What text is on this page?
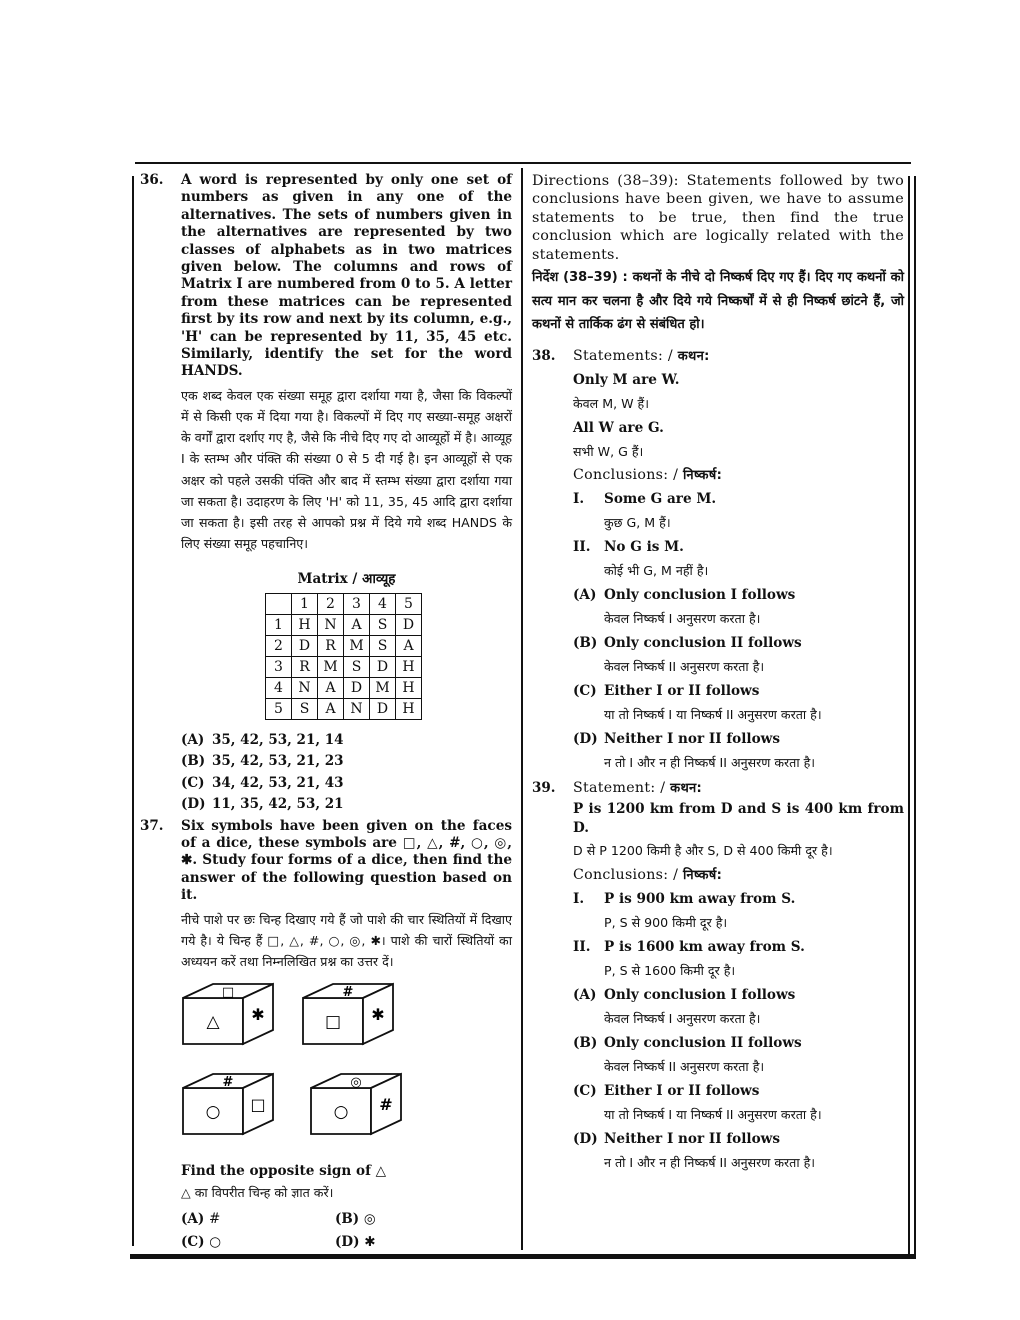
36. A word is represented by only one set of numbers as given in any one of the alternatives. The sets of numbers given in the alternatives are represented by two classes of alphabets as in two matrices given below. The columns and rows of Matrix I are numbered from 0 to 5. A letter from these matrices can be represented first by its row and next by its column, e.g., 'H' can be represented by 11, 35, 45 etc. Similarly, identify the set for the word HANDS.

एक शब्द केवल एक संख्या समूह द्वारा दर्शाया गया है, जैसा कि विकल्पों में से किसी एक में दिया गया है। विकल्पों में दिए गए सख्या-समूह अक्षरों के वर्गों द्वारा दर्शाए गए है, जैसे कि नीचे दिए गए दो आव्यूहों में है। आव्यूह I के स्तम्भ और पंक्ति की संख्या 0 से 5 दी गई है। इन आव्यूहों से एक अक्षर को पहले उसकी पंक्ति और बाद में स्तम्भ संख्या द्वारा दर्शाया गया जा सकता है। उदाहरण के लिए 'H' को 11, 35, 45 आदि द्वारा दर्शाया जा सकता है। इसी तरह से आपको प्रश्न में दिये गये शब्द HANDS के लिए संख्या समूह पहचानिए।

Matrix / आव्यूह
	1	2	3	4	5
1	H	N	A	S	D
2	D	R	M	S	A
3	R	M	S	D	H
4	N	A	D	M	H
5	S	A	N	D	H
(A) 35, 42, 53, 21, 14
(B) 35, 42, 53, 21, 23
(C) 34, 42, 53, 21, 43
(D) 11, 35, 42, 53, 21
37. Six symbols have been given on the faces of a dice, these symbols are □, △, #, ○, ◎, ✱. Study four forms of a dice, then find the answer of the following question based on it.

नीचे पाशे पर छः चिन्ह दिखाए गये हैं जो पाशे की चार स्थितियों में दिखाए गये है। ये चिन्ह हैं □, △, #, ○, ◎, ✱। पाशे की चारों स्थितियों का अध्ययन करें तथा निम्नलिखित प्रश्न का उत्तर दें।

△
□
✱	□
#
✱
○
#
□	○
◎
#
Find the opposite sign of △
△ का विपरीत चिन्ह को ज्ञात करें।
(A) #	(B) ◎
(C) ○	(D) ✱

Directions (38–39): Statements followed by two conclusions have been given, we have to assume statements to be true, then find the true conclusion which are logically related with the statements.

निर्देश (38–39) : कथनों के नीचे दो निष्कर्ष दिए गए हैं। दिए गए कथनों को सत्य मान कर चलना है और दिये गये निष्कर्षों में से ही निष्कर्ष छांटने हैं, जो कथनों से तार्किक ढंग से संबंधित हो।

38. Statements: / कथन:
Only M are W.
केवल M, W हैं।
All W are G.
सभी W, G हैं।
Conclusions: / निष्कर्ष:
I.	Some G are M.
कुछ G, M हैं।
II. No G is M.
कोई भी G, M नहीं है।
(A) Only conclusion I follows
केवल निष्कर्ष I अनुसरण करता है।
(B) Only conclusion II follows
केवल निष्कर्ष II अनुसरण करता है।
(C) Either I or II follows
या तो निष्कर्ष I या निष्कर्ष II अनुसरण करता है।
(D) Neither I nor II follows
न तो I और न ही निष्कर्ष II अनुसरण करता है।
39. Statement: / कथन:
P is 1200 km from D and S is 400 km from D.
D से P 1200 किमी है और S, D से 400 किमी दूर है।
Conclusions: / निष्कर्ष:
I.	P is 900 km away from S.
P, S से 900 किमी दूर है।
II. P is 1600 km away from S.
P, S से 1600 किमी दूर है।
(A) Only conclusion I follows
केवल निष्कर्ष I अनुसरण करता है।
(B) Only conclusion II follows
केवल निष्कर्ष II अनुसरण करता है।
(C) Either I or II follows
या तो निष्कर्ष I या निष्कर्ष II अनुसरण करता है।
(D) Neither I nor II follows
न तो I और न ही निष्कर्ष II अनुसरण करता है।
